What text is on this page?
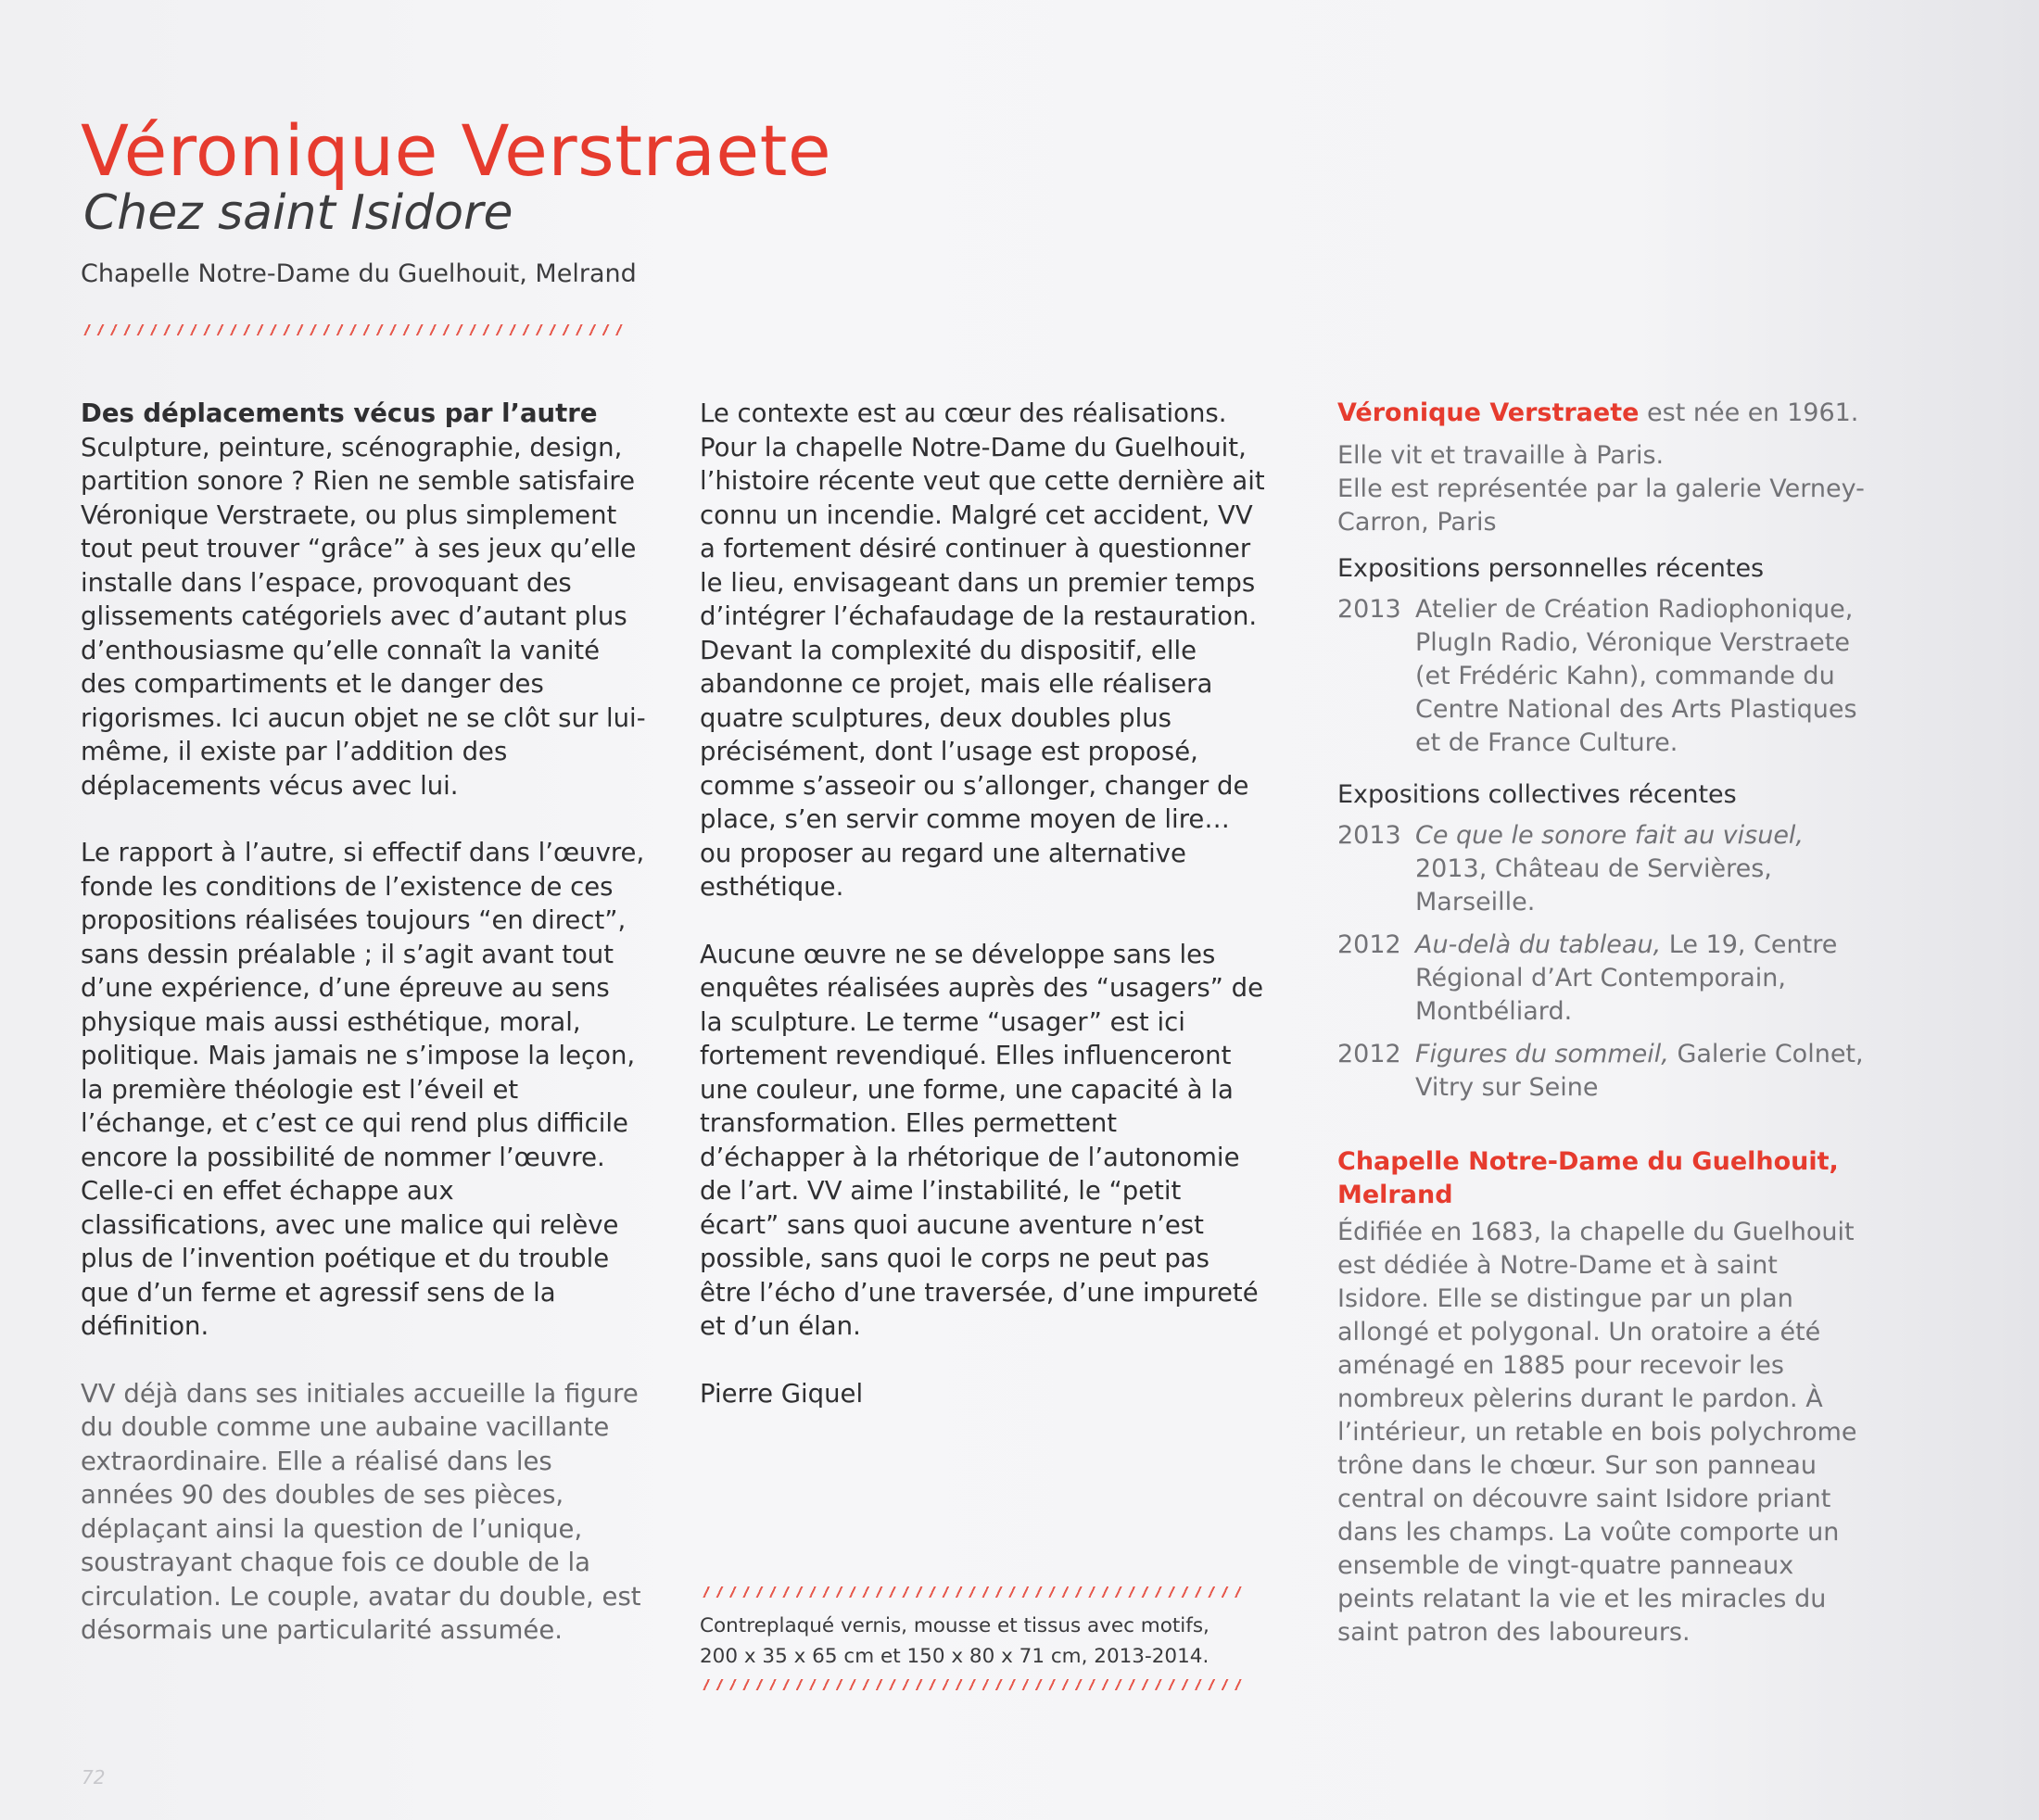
Véronique Verstraete
Chez saint Isidore
Chapelle Notre-Dame du Guelhouit, Melrand

Des déplacements vécus par l’autre
Sculpture, peinture, scénographie, design, partition sonore ? Rien ne semble satisfaire Véronique Verstraete, ou plus simplement tout peut trouver “grâce” à ses jeux qu’elle installe dans l’espace, provoquant des glissements catégoriels avec d’autant plus d’enthousiasme qu’elle connaît la vanité des compartiments et le danger des rigorismes. Ici aucun objet ne se clôt sur lui-même, il existe par l’addition des déplacements vécus avec lui.

Le rapport à l’autre, si effectif dans l’œuvre, fonde les conditions de l’existence de ces propositions réalisées toujours “en direct”, sans dessin préalable ; il s’agit avant tout d’une expérience, d’une épreuve au sens physique mais aussi esthétique, moral, politique. Mais jamais ne s’impose la leçon, la première théologie est l’éveil et l’échange, et c’est ce qui rend plus difficile encore la possibilité de nommer l’œuvre. Celle-ci en effet échappe aux classifications, avec une malice qui relève plus de l’invention poétique et du trouble que d’un ferme et agressif sens de la définition.

VV déjà dans ses initiales accueille la figure du double comme une aubaine vacillante extraordinaire. Elle a réalisé dans les années 90 des doubles de ses pièces, déplaçant ainsi la question de l’unique, soustrayant chaque fois ce double de la circulation. Le couple, avatar du double, est désormais une particularité assumée.

Le contexte est au cœur des réalisations. Pour la chapelle Notre-Dame du Guelhouit, l’histoire récente veut que cette dernière ait connu un incendie. Malgré cet accident, VV a fortement désiré continuer à questionner le lieu, envisageant dans un premier temps d’intégrer l’échafaudage de la restauration. Devant la complexité du dispositif, elle abandonne ce projet, mais elle réalisera quatre sculptures, deux doubles plus précisément, dont l’usage est proposé, comme s’asseoir ou s’allonger, changer de place, s’en servir comme moyen de lire… ou proposer au regard une alternative esthétique.

Aucune œuvre ne se développe sans les enquêtes réalisées auprès des “usagers” de la sculpture. Le terme “usager” est ici fortement revendiqué. Elles influenceront une couleur, une forme, une capacité à la transformation. Elles permettent d’échapper à la rhétorique de l’autonomie de l’art. VV aime l’instabilité, le “petit écart” sans quoi aucune aventure n’est possible, sans quoi le corps ne peut pas être l’écho d’une traversée, d’une impureté et d’un élan.

Pierre Giquel

Contreplaqué vernis, mousse et tissus avec motifs,
200 x 35 x 65 cm et 150 x 80 x 71 cm, 2013-2014.

Véronique Verstraete est née en 1961.

Elle vit et travaille à Paris.
Elle est représentée par la galerie Verney-Carron, Paris
Expositions personnelles récentes
2013 Atelier de Création Radiophonique, PlugIn Radio, Véronique Verstraete (et Frédéric Kahn), commande du Centre National des Arts Plastiques et de France Culture.
Expositions collectives récentes
2013 Ce que le sonore fait au visuel, 2013, Château de Servières, Marseille.
2012 Au-delà du tableau, Le 19, Centre Régional d’Art Contemporain, Montbéliard.
2012 Figures du sommeil, Galerie Colnet, Vitry sur Seine
Chapelle Notre-Dame du Guelhouit,
Melrand
Édifiée en 1683, la chapelle du Guelhouit est dédiée à Notre-Dame et à saint Isidore. Elle se distingue par un plan allongé et polygonal. Un oratoire a été aménagé en 1885 pour recevoir les nombreux pèlerins durant le pardon. À l’intérieur, un retable en bois polychrome trône dans le chœur. Sur son panneau central on découvre saint Isidore priant dans les champs. La voûte comporte un ensemble de vingt-quatre panneaux peints relatant la vie et les miracles du saint patron des laboureurs.
72
